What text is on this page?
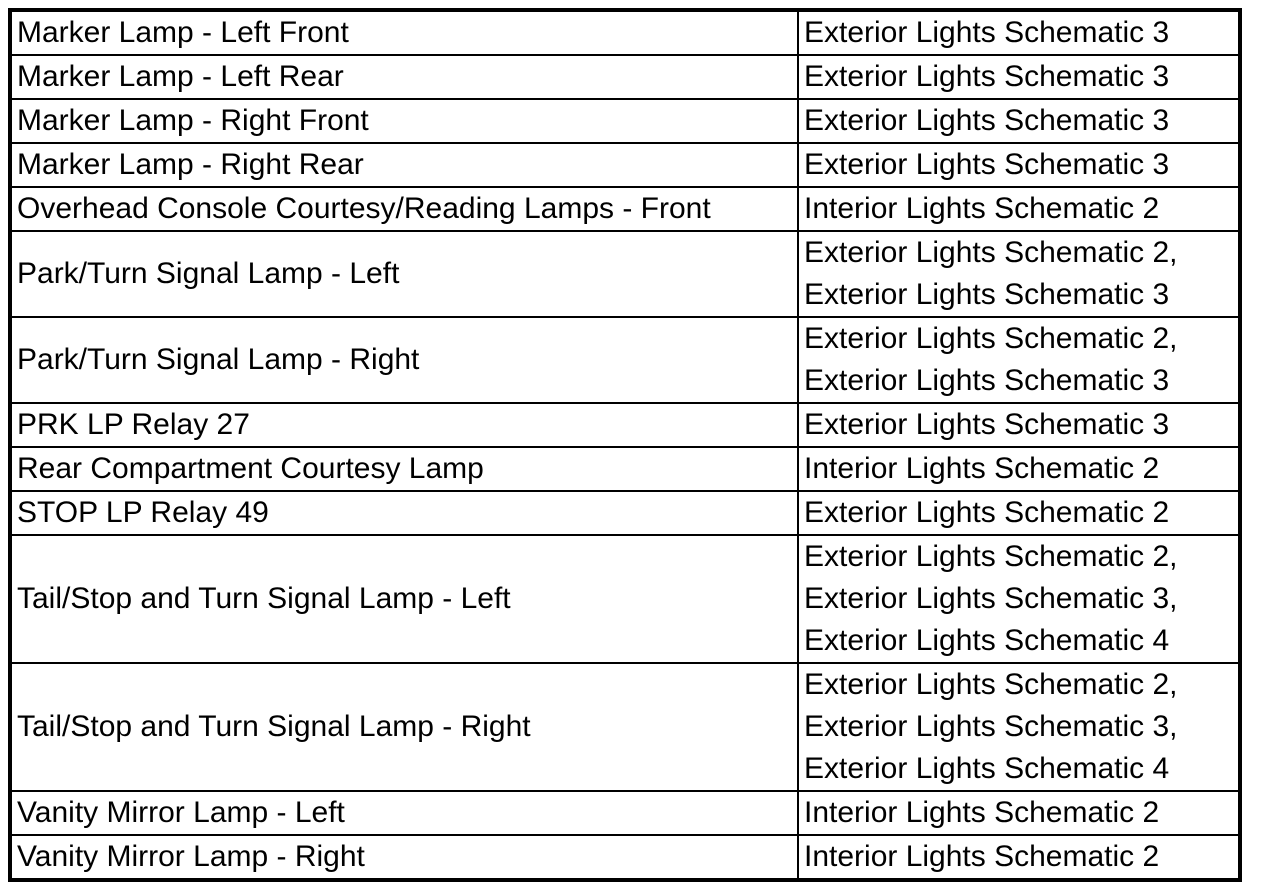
Marker Lamp - Left Front	Exterior Lights Schematic 3

Marker Lamp - Left Rear	Exterior Lights Schematic 3

Marker Lamp - Right Front	Exterior Lights Schematic 3

Marker Lamp - Right Rear	Exterior Lights Schematic 3

Overhead Console Courtesy/Reading Lamps - Front	Interior Lights Schematic 2

Park/Turn Signal Lamp - Left	Exterior Lights Schematic 2,
Exterior Lights Schematic 3

Park/Turn Signal Lamp - Right	Exterior Lights Schematic 2,
Exterior Lights Schematic 3

PRK LP Relay 27	Exterior Lights Schematic 3

Rear Compartment Courtesy Lamp	Interior Lights Schematic 2

STOP LP Relay 49	Exterior Lights Schematic 2

Tail/Stop and Turn Signal Lamp - Left	Exterior Lights Schematic 2,
Exterior Lights Schematic 3,
Exterior Lights Schematic 4

Tail/Stop and Turn Signal Lamp - Right	Exterior Lights Schematic 2,
Exterior Lights Schematic 3,
Exterior Lights Schematic 4

Vanity Mirror Lamp - Left	Interior Lights Schematic 2

Vanity Mirror Lamp - Right	Interior Lights Schematic 2
